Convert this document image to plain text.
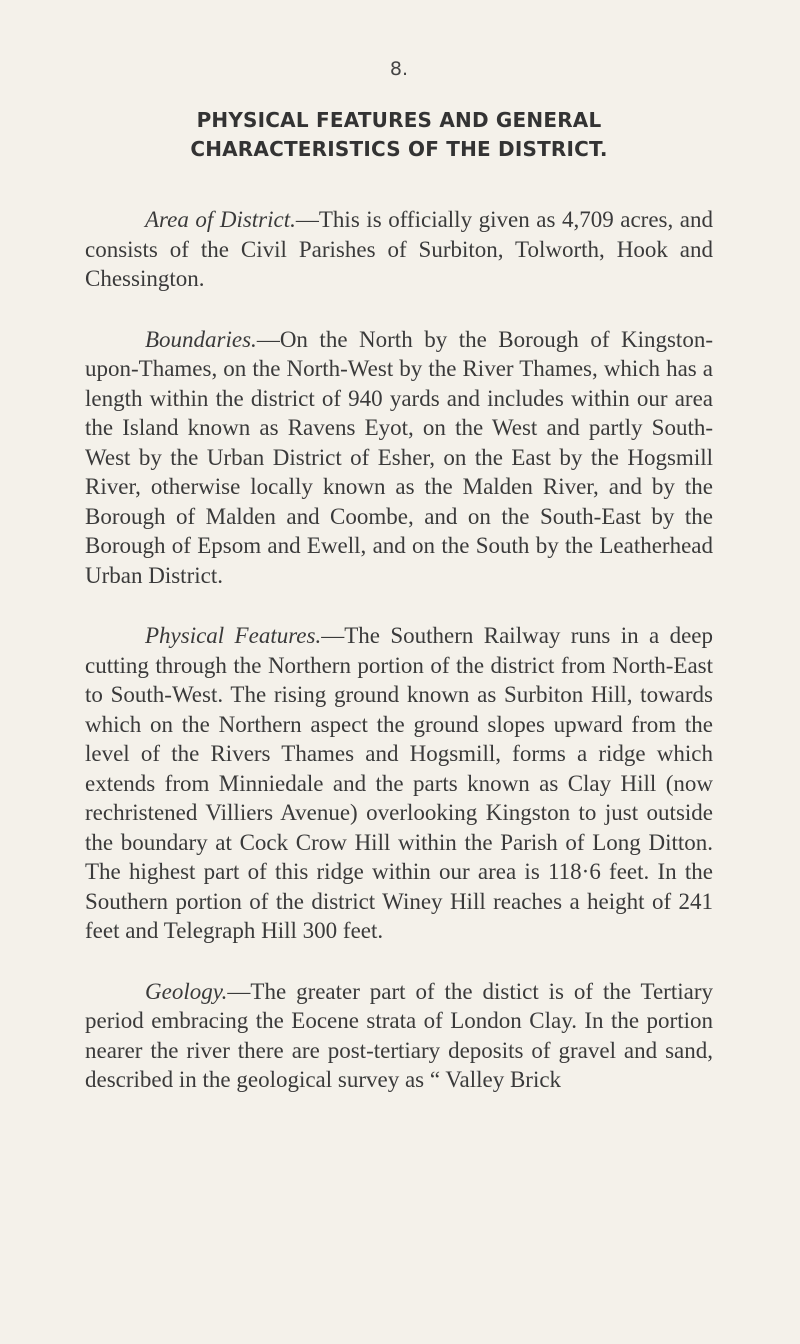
8.
PHYSICAL FEATURES AND GENERAL
CHARACTERISTICS OF THE DISTRICT.

Area of District.—This is officially given as 4,709 acres, and consists of the Civil Parishes of Surbiton, Tolworth, Hook and Chessington.

Boundaries.—On the North by the Borough of Kingston-upon-Thames, on the North-West by the River Thames, which has a length within the district of 940 yards and includes within our area the Island known as Ravens Eyot, on the West and partly South-West by the Urban District of Esher, on the East by the Hogsmill River, otherwise locally known as the Malden River, and by the Borough of Malden and Coombe, and on the South-East by the Borough of Epsom and Ewell, and on the South by the Leatherhead Urban District.

Physical Features.—The Southern Railway runs in a deep cutting through the Northern portion of the district from North-East to South-West. The rising ground known as Surbiton Hill, towards which on the Northern aspect the ground slopes upward from the level of the Rivers Thames and Hogsmill, forms a ridge which extends from Minniedale and the parts known as Clay Hill (now rechristened Villiers Avenue) overlooking Kingston to just outside the boundary at Cock Crow Hill within the Parish of Long Ditton. The highest part of this ridge within our area is 118·6 feet. In the Southern portion of the district Winey Hill reaches a height of 241 feet and Telegraph Hill 300 feet.

Geology.—The greater part of the distict is of the Tertiary period embracing the Eocene strata of London Clay. In the portion nearer the river there are post-tertiary deposits of gravel and sand, described in the geological survey as “ Valley Brick
